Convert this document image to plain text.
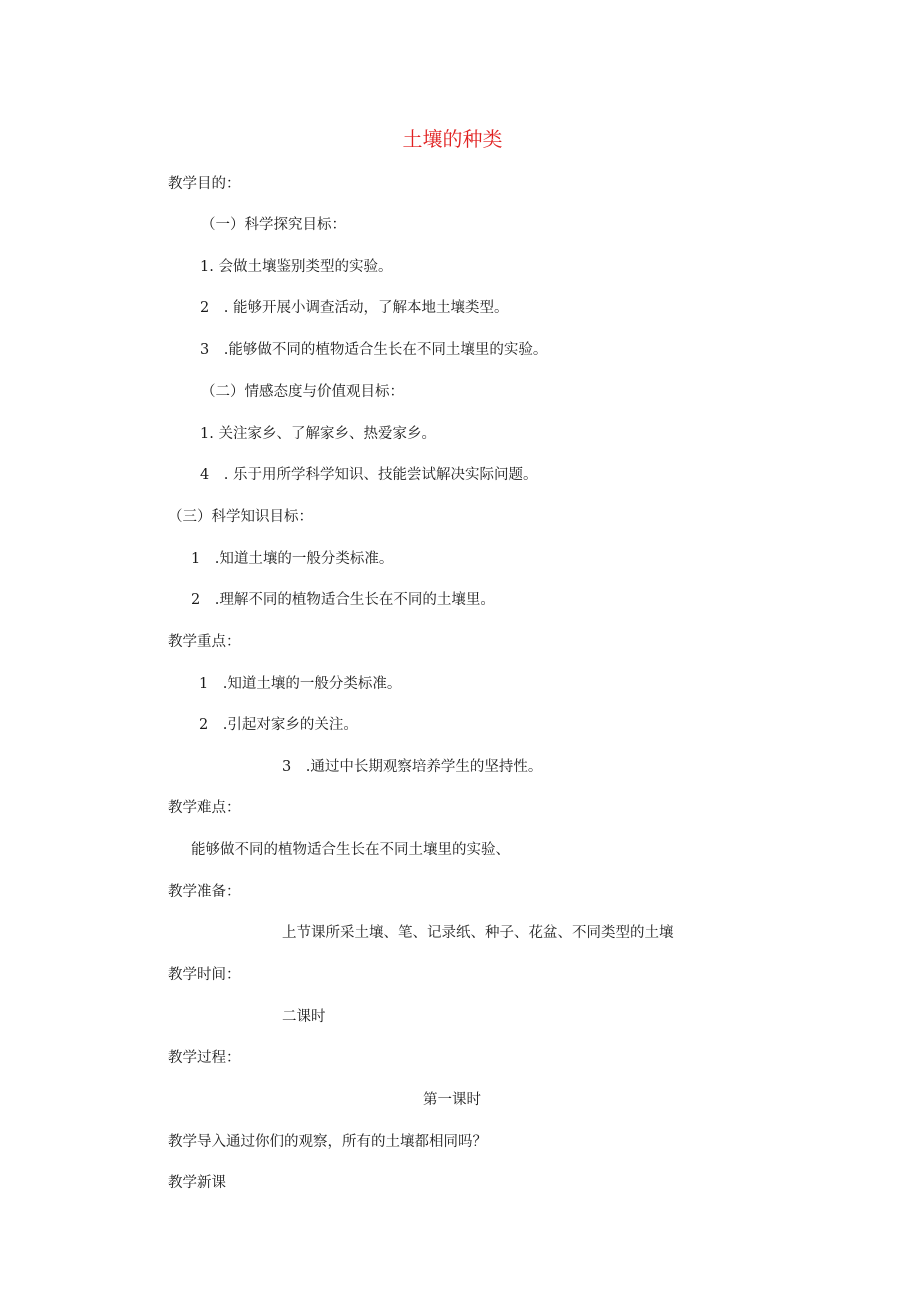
土壤的种类
教学目的：
（一）科学探究目标：
1. 会做土壤鉴别类型的实验。
2　. 能够开展小调查活动，了解本地土壤类型。
3　.能够做不同的植物适合生长在不同土壤里的实验。
（二）情感态度与价值观目标：
1. 关注家乡、了解家乡、热爱家乡。
4　. 乐于用所学科学知识、技能尝试解决实际问题。
（三）科学知识目标：
1　.知道土壤的一般分类标准。
2　.理解不同的植物适合生长在不同的土壤里。
教学重点：
1　.知道土壤的一般分类标准。
2　.引起对家乡的关注。
3　.通过中长期观察培养学生的坚持性。
教学难点：
能够做不同的植物适合生长在不同土壤里的实验、
教学准备：
上节课所采土壤、笔、记录纸、种子、花盆、不同类型的土壤
教学时间：
二课时
教学过程：
第一课时
教学导入通过你们的观察，所有的土壤都相同吗？
教学新课
